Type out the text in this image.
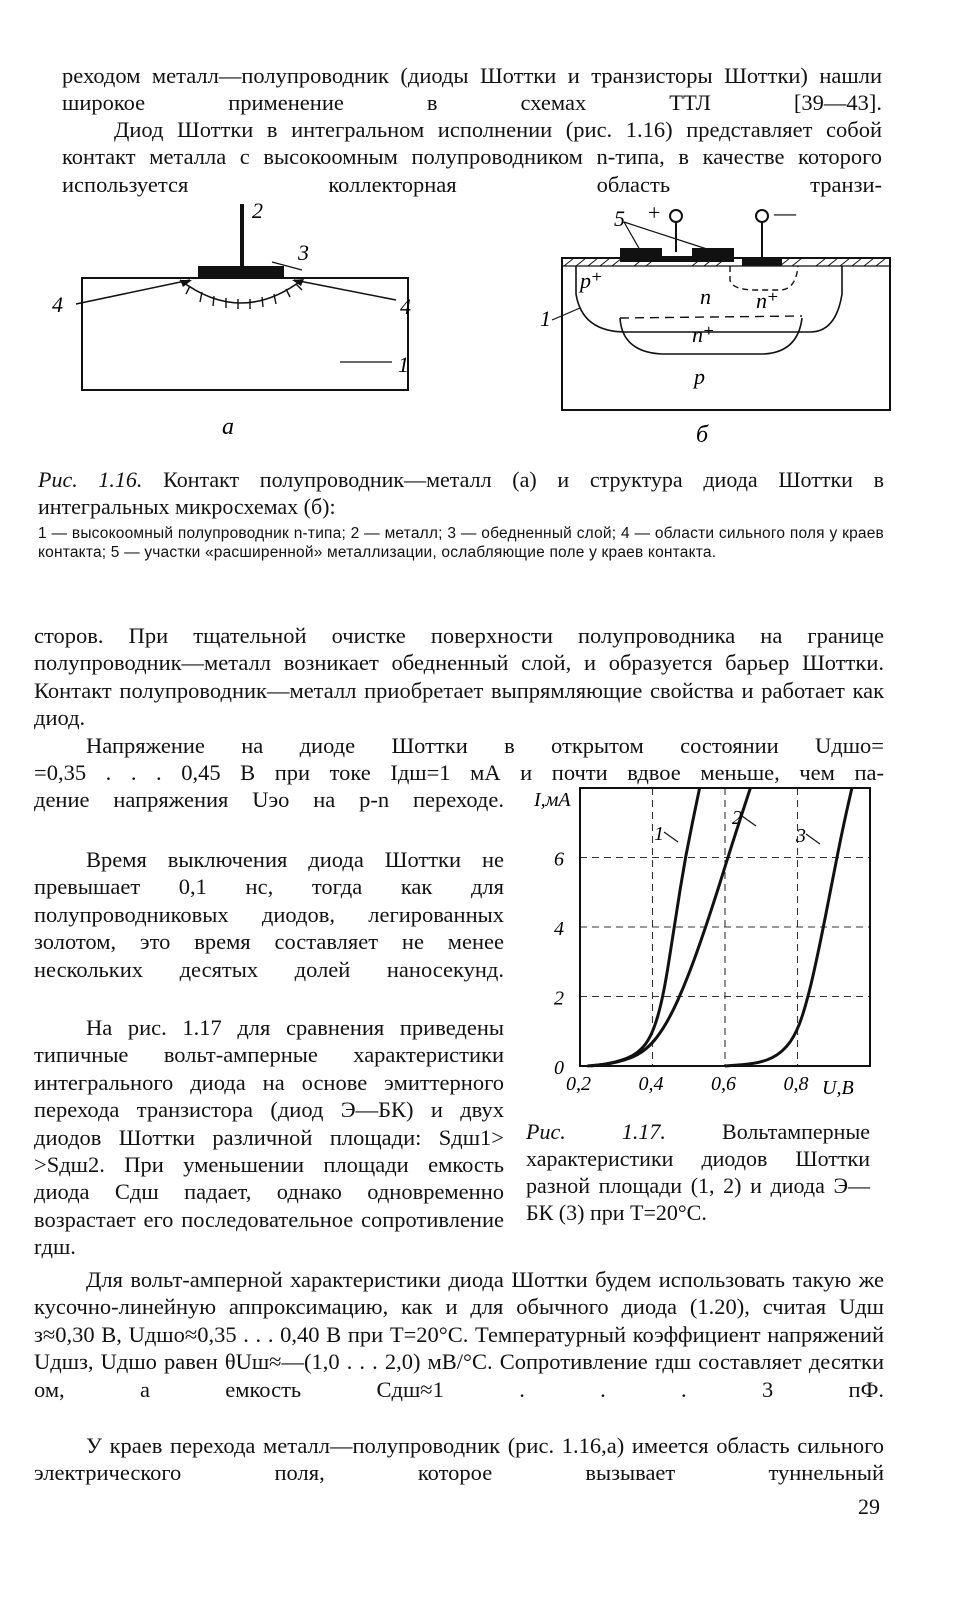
реходом металл—полупроводник (диоды Шоттки и транзисторы Шоттки) нашли широкое применение в схемах ТТЛ [39—43].

Диод Шоттки в интегральном исполнении (рис. 1.16) представляет собой контакт металла с высокоомным полупроводником n-типа, в качестве которого используется коллекторная область транзи-

2
3
4	4
1
а
5 +	—
p⁺
n n⁺
n⁺
p
1
б

Рис. 1.16. Контакт полупроводник—металл (а) и структура диода Шоттки в интегральных микросхемах (б):

1 — высокоомный полупроводник n-типа; 2 — металл; 3 — обедненный слой; 4 — области сильного поля у краев контакта; 5 — участки «расширенной» металлизации, ослабляющие поле у краев контакта.

сторов. При тщательной очистке поверхности полупроводника на границе полупроводник—металл возникает обедненный слой, и образуется барьер Шоттки. Контакт полупроводник—металл приобретает выпрямляющие свойства и работает как диод.

Напряжение на диоде Шоттки в открытом состоянии Uдшо=

=0,35 . . . 0,45 В при токе Iдш=1 мА и почти вдвое меньше, чем па-

дение напряжения Uэо на p-n переходе.

Время выключения диода Шоттки не превышает 0,1 нс, тогда как для полупроводниковых диодов, легированных золотом, это время составляет не менее нескольких десятых долей наносекунд.

На рис. 1.17 для сравнения приведены типичные вольт-амперные характеристики интегрального диода на основе эмиттерного перехода транзистора (диод Э—БК) и двух диодов Шоттки различной площади: Sдш1> >Sдш2. При уменьшении площади емкость диода Cдш падает, однако одновременно возрастает его последовательное сопротивление rдш.

I,мА
U,В
0,2 0,4 0,6 0,8
0
2
4
6
1
2
3

Рис. 1.17.	Вольтамперные характеристики диодов Шоттки разной площади (1, 2) и диода Э—БК (3) при T=20°C.

Для вольт-амперной характеристики диода Шоттки будем использовать такую же кусочно-линейную аппроксимацию, как и для обычного диода (1.20), считая Uдш з≈0,30 В, Uдшо≈0,35 . . . 0,40 В при T=20°C. Температурный коэффициент напряжений Uдшз, Uдшо равен θUш≈—(1,0 . . . 2,0) мВ/°C. Сопротивление rдш составляет десятки ом, а емкость Cдш≈1 . . . 3 пФ.

У краев перехода металл—полупроводник (рис. 1.16,а) имеется область сильного электрического поля, которое вызывает туннельный

29
